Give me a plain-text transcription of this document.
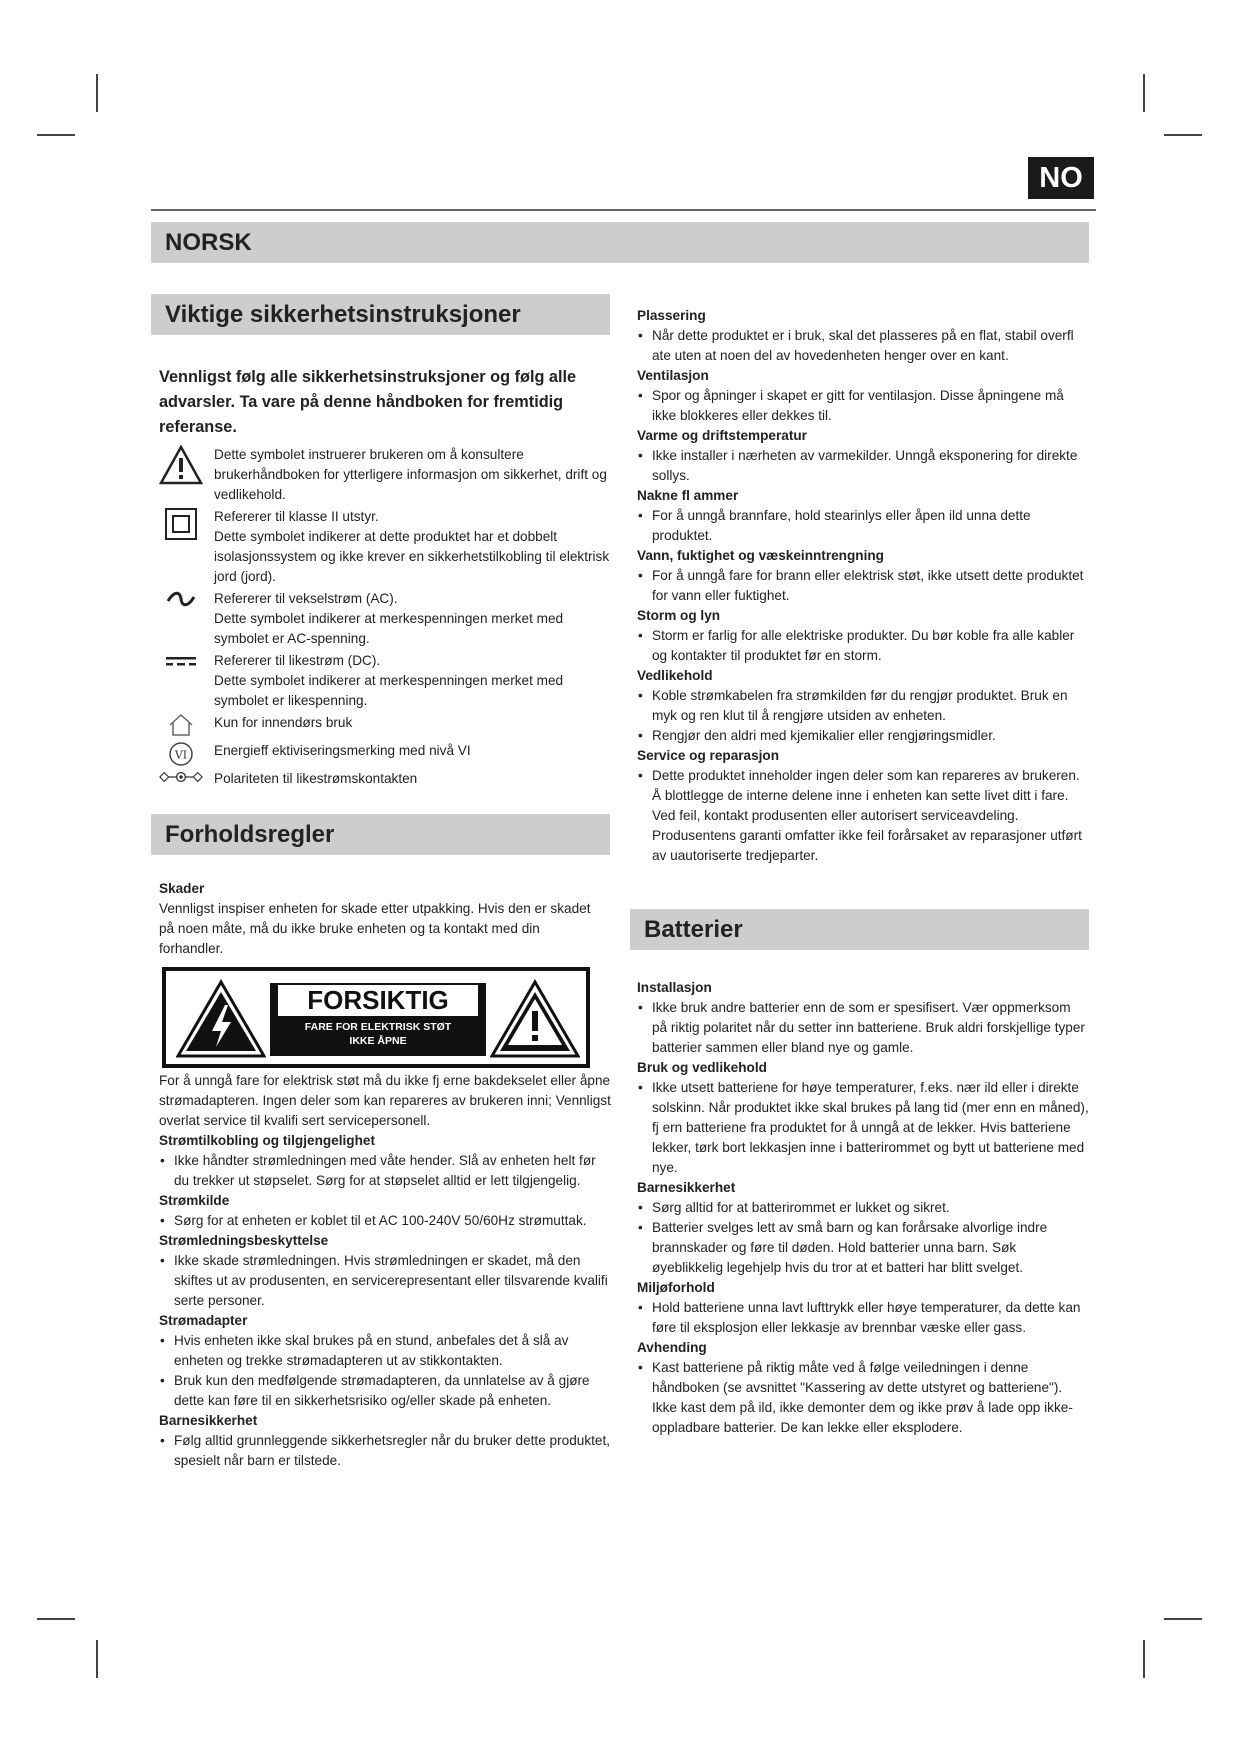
NO
NORSK
Viktige sikkerhetsinstruksjoner

Vennligst følg alle sikkerhetsinstruksjoner og følg alle advarsler. Ta vare på denne håndboken for fremtidig referanse.

Dette symbolet instruerer brukeren om å konsultere brukerhåndboken for ytterligere informasjon om sikkerhet, drift og vedlikehold.

Refererer til klasse II utstyr.

Dette symbolet indikerer at dette produktet har et dobbelt isolasjonssystem og ikke krever en sikkerhetstilkobling til elektrisk jord (jord).

Refererer til vekselstrøm (AC).

Dette symbolet indikerer at merkespenningen merket med symbolet er AC-spenning.

Refererer til likestrøm (DC).

Dette symbolet indikerer at merkespenningen merket med symbolet er likespenning.

Kun for innendørs bruk

VI Energieff ektiviseringsmerking med nivå VI

Polariteten til likestrømskontakten

Forholdsregler

Skader

Vennligst inspiser enheten for skade etter utpakking. Hvis den er skadet på noen måte, må du ikke bruke enheten og ta kontakt med din forhandler.

FORSIKTIG
FARE FOR ELEKTRISK STØT
IKKE ÅPNE

For å unngå fare for elektrisk støt må du ikke fj erne bakdekselet eller åpne strømadapteren. Ingen deler som kan repareres av brukeren inni; Vennligst overlat service til kvalifi sert servicepersonell.

Strømtilkobling og tilgjengelighet

• Ikke håndter strømledningen med våte hender. Slå av enheten helt før du trekker ut støpselet. Sørg for at støpselet alltid er lett tilgjengelig.

Strømkilde

• Sørg for at enheten er koblet til et AC 100-240V 50/60Hz strømuttak.

Strømledningsbeskyttelse

• Ikke skade strømledningen. Hvis strømledningen er skadet, må den skiftes ut av produsenten, en servicerepresentant eller tilsvarende kvalifi serte personer.

Strømadapter

• Hvis enheten ikke skal brukes på en stund, anbefales det å slå av enheten og trekke strømadapteren ut av stikkontakten.

• Bruk kun den medfølgende strømadapteren, da unnlatelse av å gjøre dette kan føre til en sikkerhetsrisiko og/eller skade på enheten.

Barnesikkerhet

• Følg alltid grunnleggende sikkerhetsregler når du bruker dette produktet, spesielt når barn er tilstede.

Plassering

• Når dette produktet er i bruk, skal det plasseres på en flat, stabil overfl ate uten at noen del av hovedenheten henger over en kant.

Ventilasjon

• Spor og åpninger i skapet er gitt for ventilasjon. Disse åpningene må ikke blokkeres eller dekkes til.

Varme og driftstemperatur

• Ikke installer i nærheten av varmekilder. Unngå eksponering for direkte sollys.

Nakne fl ammer

• For å unngå brannfare, hold stearinlys eller åpen ild unna dette produktet.

Vann, fuktighet og væskeinntrengning

• For å unngå fare for brann eller elektrisk støt, ikke utsett dette produktet for vann eller fuktighet.

Storm og lyn

• Storm er farlig for alle elektriske produkter. Du bør koble fra alle kabler og kontakter til produktet før en storm.

Vedlikehold

• Koble strømkabelen fra strømkilden før du rengjør produktet. Bruk en myk og ren klut til å rengjøre utsiden av enheten.

• Rengjør den aldri med kjemikalier eller rengjøringsmidler.

Service og reparasjon

• Dette produktet inneholder ingen deler som kan repareres av brukeren. Å blottlegge de interne delene inne i enheten kan sette livet ditt i fare. Ved feil, kontakt produsenten eller autorisert serviceavdeling. Produsentens garanti omfatter ikke feil forårsaket av reparasjoner utført av uautoriserte tredjeparter.

Batterier

Installasjon

• Ikke bruk andre batterier enn de som er spesifisert. Vær oppmerksom på riktig polaritet når du setter inn batteriene. Bruk aldri forskjellige typer batterier sammen eller bland nye og gamle.

Bruk og vedlikehold

• Ikke utsett batteriene for høye temperaturer, f.eks. nær ild eller i direkte solskinn. Når produktet ikke skal brukes på lang tid (mer enn en måned), fj ern batteriene fra produktet for å unngå at de lekker. Hvis batteriene lekker, tørk bort lekkasjen inne i batterirommet og bytt ut batteriene med nye.

Barnesikkerhet

• Sørg alltid for at batterirommet er lukket og sikret.

• Batterier svelges lett av små barn og kan forårsake alvorlige indre brannskader og føre til døden. Hold batterier unna barn. Søk øyeblikkelig legehjelp hvis du tror at et batteri har blitt svelget.

Miljøforhold

• Hold batteriene unna lavt lufttrykk eller høye temperaturer, da dette kan føre til eksplosjon eller lekkasje av brennbar væske eller gass.

Avhending

• Kast batteriene på riktig måte ved å følge veiledningen i denne håndboken (se avsnittet "Kassering av dette utstyret og batteriene"). Ikke kast dem på ild, ikke demonter dem og ikke prøv å lade opp ikke-oppladbare batterier. De kan lekke eller eksplodere.
